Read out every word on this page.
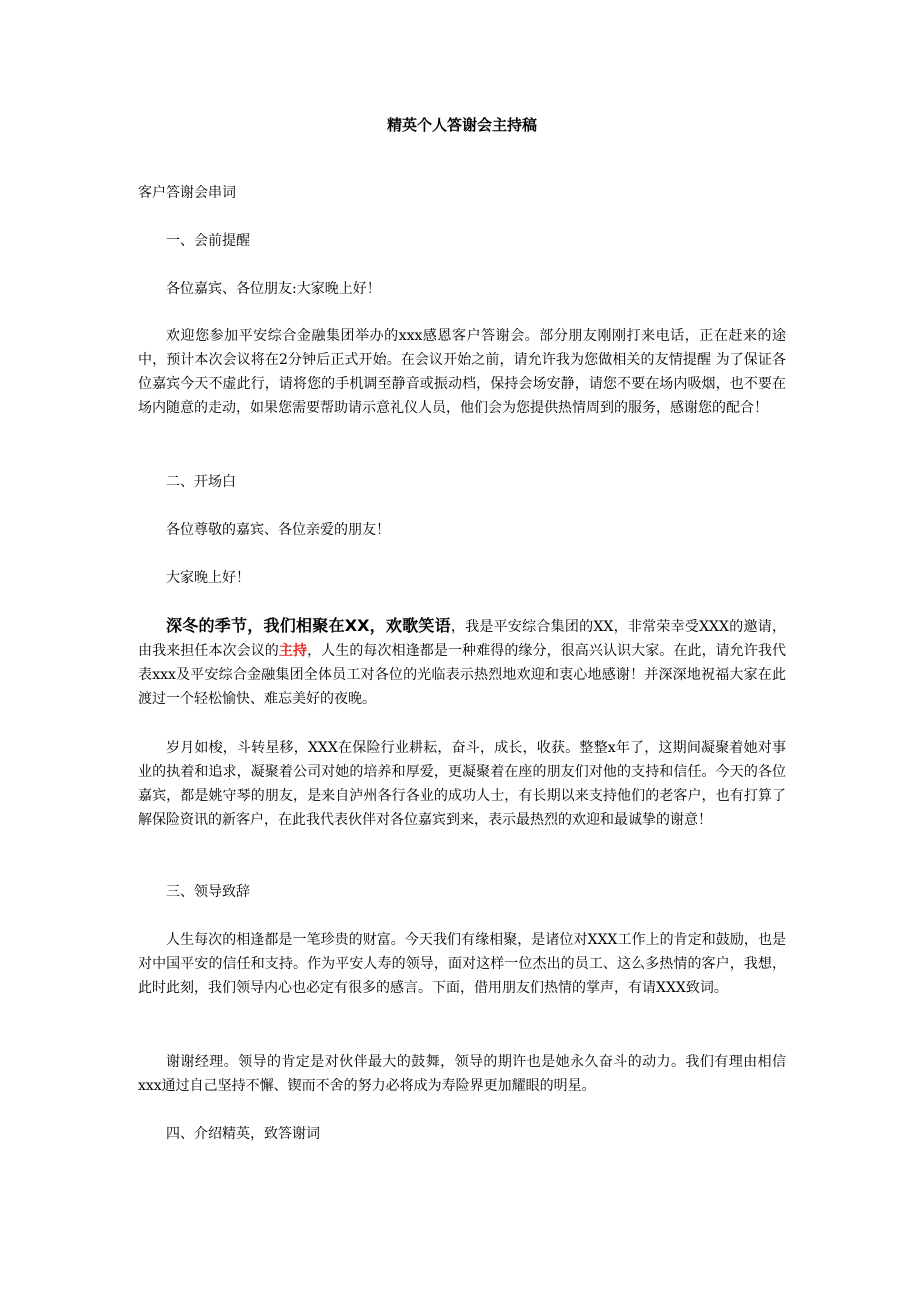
精英个人答谢会主持稿
客户答谢会串词
一、会前提醒
各位嘉宾、各位朋友:大家晚上好！
欢迎您参加平安综合金融集团举办的xxx感恩客户答谢会。部分朋友刚刚打来电话，正在赶来的途中，预计本次会议将在2分钟后正式开始。在会议开始之前，请允许我为您做相关的友情提醒 为了保证各位嘉宾今天不虚此行，请将您的手机调至静音或振动档，保持会场安静，请您不要在场内吸烟，也不要在场内随意的走动，如果您需要帮助请示意礼仪人员，他们会为您提供热情周到的服务，感谢您的配合！
二、开场白
各位尊敬的嘉宾、各位亲爱的朋友！
大家晚上好！
深冬的季节，我们相聚在XX，欢歌笑语，我是平安综合集团的XX，非常荣幸受XXX的邀请，由我来担任本次会议的主持，人生的每次相逢都是一种难得的缘分，很高兴认识大家。在此，请允许我代表xxx及平安综合金融集团全体员工对各位的光临表示热烈地欢迎和衷心地感谢！并深深地祝福大家在此渡过一个轻松愉快、难忘美好的夜晚。
岁月如梭，斗转星移，XXX在保险行业耕耘，奋斗，成长，收获。整整x年了，这期间凝聚着她对事业的执着和追求，凝聚着公司对她的培养和厚爱，更凝聚着在座的朋友们对他的支持和信任。今天的各位嘉宾，都是姚守琴的朋友，是来自泸州各行各业的成功人士，有长期以来支持他们的老客户，也有打算了解保险资讯的新客户，在此我代表伙伴对各位嘉宾到来，表示最热烈的欢迎和最诚挚的谢意！
三、领导致辞
人生每次的相逢都是一笔珍贵的财富。今天我们有缘相聚，是诸位对XXX工作上的肯定和鼓励，也是对中国平安的信任和支持。作为平安人寿的领导，面对这样一位杰出的员工、这么多热情的客户，我想，此时此刻，我们领导内心也必定有很多的感言。下面，借用朋友们热情的掌声，有请XXX致词。
谢谢经理。领导的肯定是对伙伴最大的鼓舞，领导的期许也是她永久奋斗的动力。我们有理由相信xxx通过自己坚持不懈、锲而不舍的努力必将成为寿险界更加耀眼的明星。
四、介绍精英，致答谢词
